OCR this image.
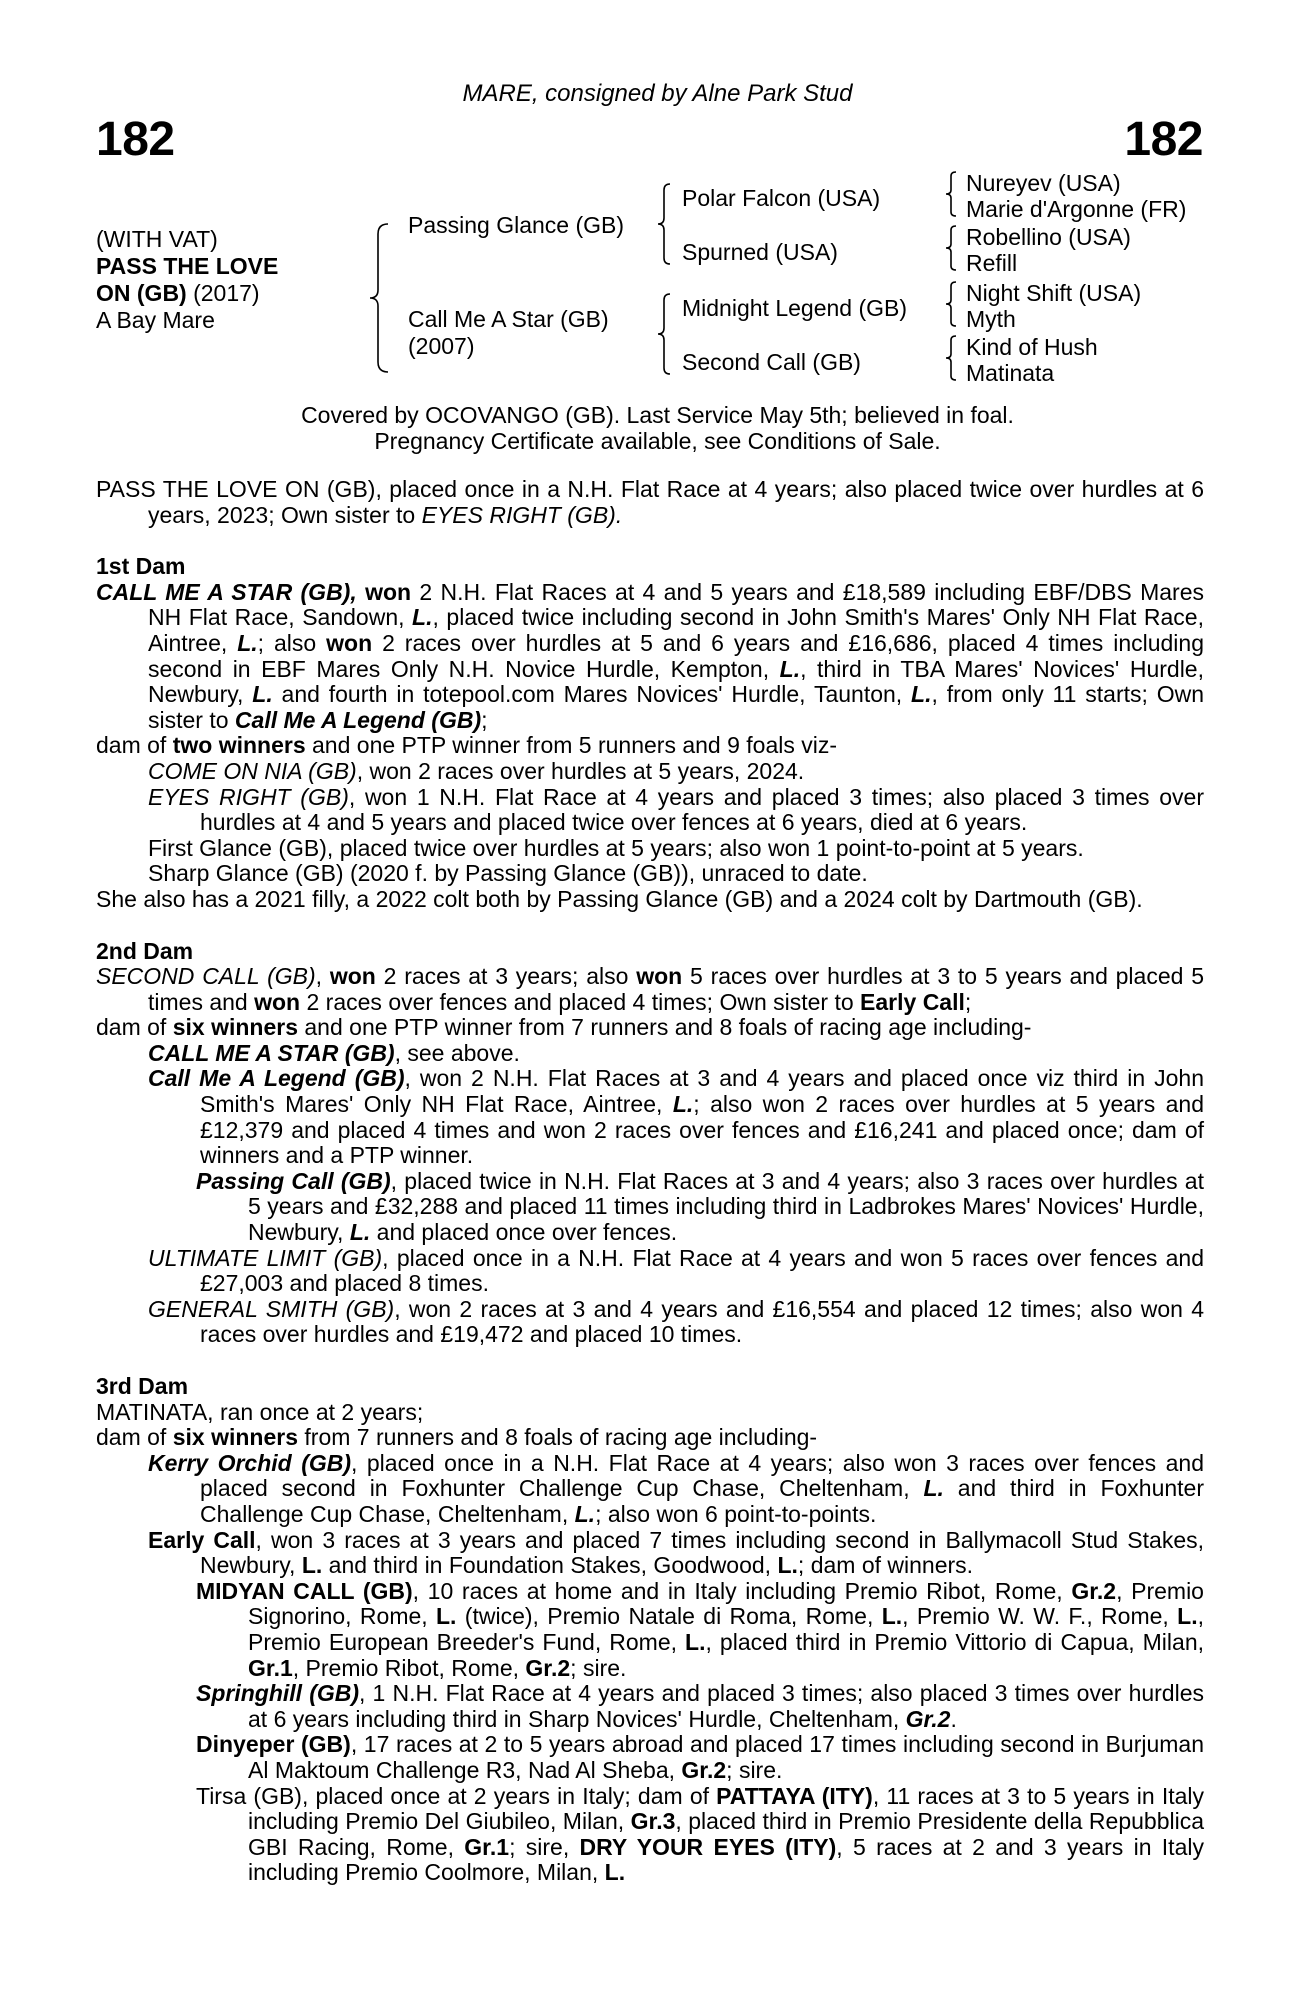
MARE, consigned by Alne Park Stud
182	182
(WITH VAT)
PASS THE LOVE
ON (GB) (2017)
A Bay Mare
Passing Glance (GB)
Call Me A Star (GB)
(2007)
Polar Falcon (USA)
Spurned (USA)
Midnight Legend (GB)
Second Call (GB)
Nureyev (USA)
Marie d'Argonne (FR)
Robellino (USA)
Refill
Night Shift (USA)
Myth
Kind of Hush
Matinata
Covered by OCOVANGO (GB). Last Service May 5th; believed in foal.
Pregnancy Certificate available, see Conditions of Sale.
PASS THE LOVE ON (GB), placed once in a N.H. Flat Race at 4 years; also placed twice over hurdles at 6 years, 2023; Own sister to EYES RIGHT (GB).
1st Dam
CALL ME A STAR (GB), won 2 N.H. Flat Races at 4 and 5 years and £18,589 including EBF/DBS Mares NH Flat Race, Sandown, L., placed twice including second in John Smith's Mares' Only NH Flat Race, Aintree, L.; also won 2 races over hurdles at 5 and 6 years and £16,686, placed 4 times including second in EBF Mares Only N.H. Novice Hurdle, Kempton, L., third in TBA Mares' Novices' Hurdle, Newbury, L. and fourth in totepool.com Mares Novices' Hurdle, Taunton, L., from only 11 starts; Own sister to Call Me A Legend (GB);
dam of two winners and one PTP winner from 5 runners and 9 foals viz-
COME ON NIA (GB), won 2 races over hurdles at 5 years, 2024.
EYES RIGHT (GB), won 1 N.H. Flat Race at 4 years and placed 3 times; also placed 3 times over hurdles at 4 and 5 years and placed twice over fences at 6 years, died at 6 years.
First Glance (GB), placed twice over hurdles at 5 years; also won 1 point-to-point at 5 years.
Sharp Glance (GB) (2020 f. by Passing Glance (GB)), unraced to date.
She also has a 2021 filly, a 2022 colt both by Passing Glance (GB) and a 2024 colt by Dartmouth (GB).
2nd Dam
SECOND CALL (GB), won 2 races at 3 years; also won 5 races over hurdles at 3 to 5 years and placed 5 times and won 2 races over fences and placed 4 times; Own sister to Early Call;
dam of six winners and one PTP winner from 7 runners and 8 foals of racing age including-
CALL ME A STAR (GB), see above.
Call Me A Legend (GB), won 2 N.H. Flat Races at 3 and 4 years and placed once viz third in John Smith's Mares' Only NH Flat Race, Aintree, L.; also won 2 races over hurdles at 5 years and £12,379 and placed 4 times and won 2 races over fences and £16,241 and placed once; dam of winners and a PTP winner.
Passing Call (GB), placed twice in N.H. Flat Races at 3 and 4 years; also 3 races over hurdles at 5 years and £32,288 and placed 11 times including third in Ladbrokes Mares' Novices' Hurdle, Newbury, L. and placed once over fences.
ULTIMATE LIMIT (GB), placed once in a N.H. Flat Race at 4 years and won 5 races over fences and £27,003 and placed 8 times.
GENERAL SMITH (GB), won 2 races at 3 and 4 years and £16,554 and placed 12 times; also won 4 races over hurdles and £19,472 and placed 10 times.
3rd Dam
MATINATA, ran once at 2 years;
dam of six winners from 7 runners and 8 foals of racing age including-
Kerry Orchid (GB), placed once in a N.H. Flat Race at 4 years; also won 3 races over fences and placed second in Foxhunter Challenge Cup Chase, Cheltenham, L. and third in Foxhunter Challenge Cup Chase, Cheltenham, L.; also won 6 point-to-points.
Early Call, won 3 races at 3 years and placed 7 times including second in Ballymacoll Stud Stakes, Newbury, L. and third in Foundation Stakes, Goodwood, L.; dam of winners.
MIDYAN CALL (GB), 10 races at home and in Italy including Premio Ribot, Rome, Gr.2, Premio Signorino, Rome, L. (twice), Premio Natale di Roma, Rome, L., Premio W. W. F., Rome, L., Premio European Breeder's Fund, Rome, L., placed third in Premio Vittorio di Capua, Milan, Gr.1, Premio Ribot, Rome, Gr.2; sire.
Springhill (GB), 1 N.H. Flat Race at 4 years and placed 3 times; also placed 3 times over hurdles at 6 years including third in Sharp Novices' Hurdle, Cheltenham, Gr.2.
Dinyeper (GB), 17 races at 2 to 5 years abroad and placed 17 times including second in Burjuman Al Maktoum Challenge R3, Nad Al Sheba, Gr.2; sire.
Tirsa (GB), placed once at 2 years in Italy; dam of PATTAYA (ITY), 11 races at 3 to 5 years in Italy including Premio Del Giubileo, Milan, Gr.3, placed third in Premio Presidente della Repubblica GBI Racing, Rome, Gr.1; sire, DRY YOUR EYES (ITY), 5 races at 2 and 3 years in Italy including Premio Coolmore, Milan, L.
